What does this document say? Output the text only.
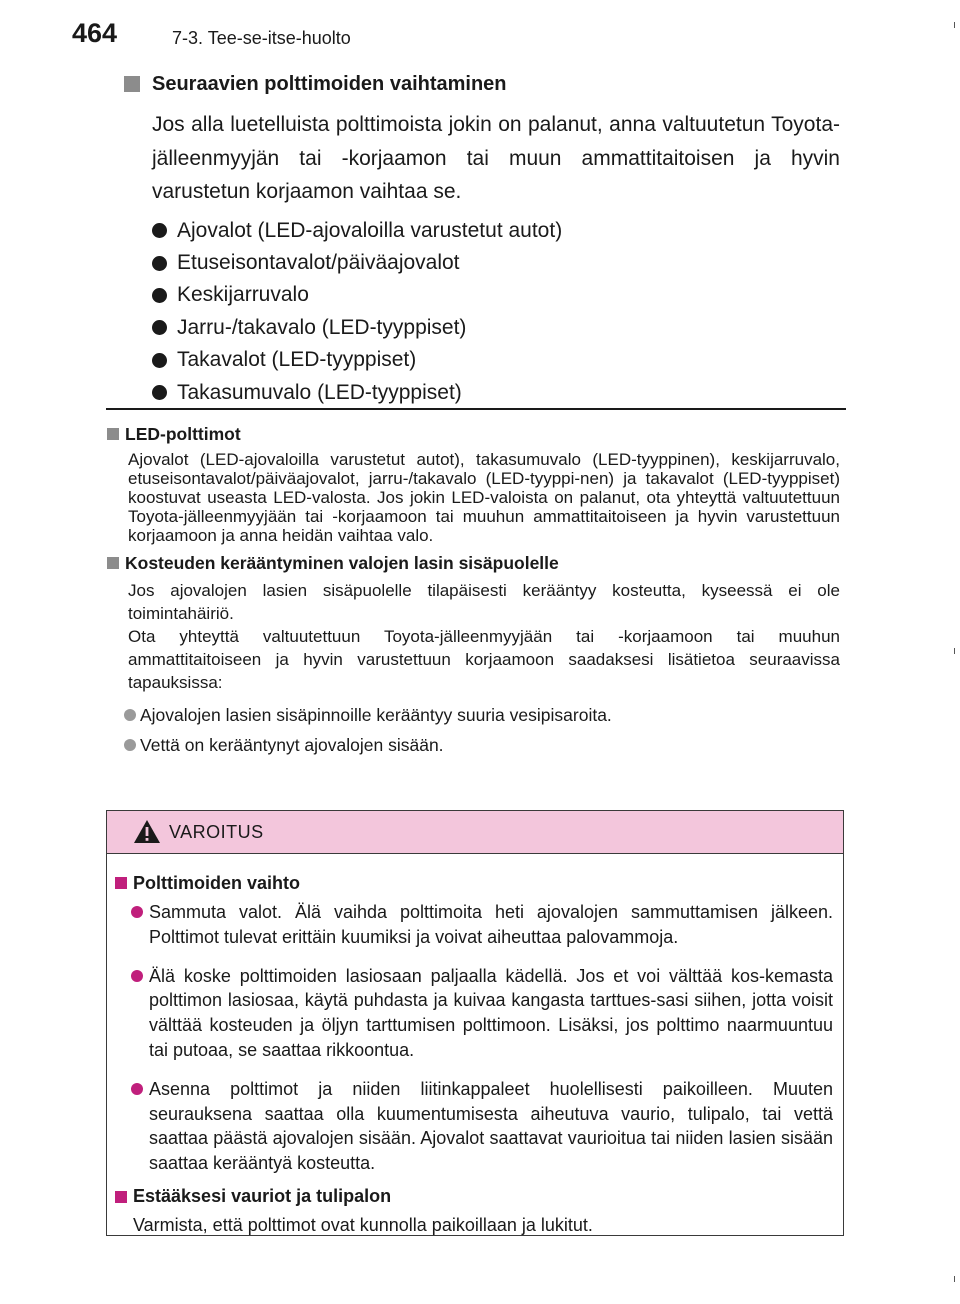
464	7-3. Tee-se-itse-huolto
Seuraavien polttimoiden vaihtaminen

Jos alla luetelluista polttimoista jokin on palanut, anna valtuutetun Toyota-jälleenmyyjän tai -korjaamon tai muun ammattitaitoisen ja hyvin varustetun korjaamon vaihtaa se.

Ajovalot (LED-ajovaloilla varustetut autot)
Etuseisontavalot/päiväajovalot
Keskijarruvalo
Jarru-/takavalo (LED-tyyppiset)
Takavalot (LED-tyyppiset)
Takasumuvalo (LED-tyyppiset)
LED-polttimot
Ajovalot (LED-ajovaloilla varustetut autot), takasumuvalo (LED-tyyppinen), keskijarruvalo, etuseisontavalot/päiväajovalot, jarru-/takavalo (LED-tyyppi-nen) ja takavalot (LED-tyyppiset) koostuvat useasta LED-valosta. Jos jokin LED-valoista on palanut, ota yhteyttä valtuutettuun Toyota-jälleenmyyjään tai -korjaamoon tai muuhun ammattitaitoiseen ja hyvin varustettuun korjaamoon ja anna heidän vaihtaa valo.
Kosteuden kerääntyminen valojen lasin sisäpuolelle
Jos ajovalojen lasien sisäpuolelle tilapäisesti kerääntyy kosteutta, kyseessä ei ole toimintahäiriö.
Ota yhteyttä valtuutettuun Toyota-jälleenmyyjään tai -korjaamoon tai muuhun ammattitaitoiseen ja hyvin varustettuun korjaamoon saadaksesi lisätietoa seuraavissa tapauksissa:
Ajovalojen lasien sisäpinnoille kerääntyy suuria vesipisaroita.
Vettä on kerääntynyt ajovalojen sisään.
VAROITUS
Polttimoiden vaihto
Sammuta valot. Älä vaihda polttimoita heti ajovalojen sammuttamisen jälkeen. Polttimot tulevat erittäin kuumiksi ja voivat aiheuttaa palovammoja.
Älä koske polttimoiden lasiosaan paljaalla kädellä. Jos et voi välttää kos-kemasta polttimon lasiosaa, käytä puhdasta ja kuivaa kangasta tarttues-sasi siihen, jotta voisit välttää kosteuden ja öljyn tarttumisen polttimoon. Lisäksi, jos polttimo naarmuuntuu tai putoaa, se saattaa rikkoontua.
Asenna polttimot ja niiden liitinkappaleet huolellisesti paikoilleen. Muuten seurauksena saattaa olla kuumentumisesta aiheutuva vaurio, tulipalo, tai vettä saattaa päästä ajovalojen sisään. Ajovalot saattavat vaurioitua tai niiden lasien sisään saattaa kerääntyä kosteutta.
Estääksesi vauriot ja tulipalon
Varmista, että polttimot ovat kunnolla paikoillaan ja lukitut.
